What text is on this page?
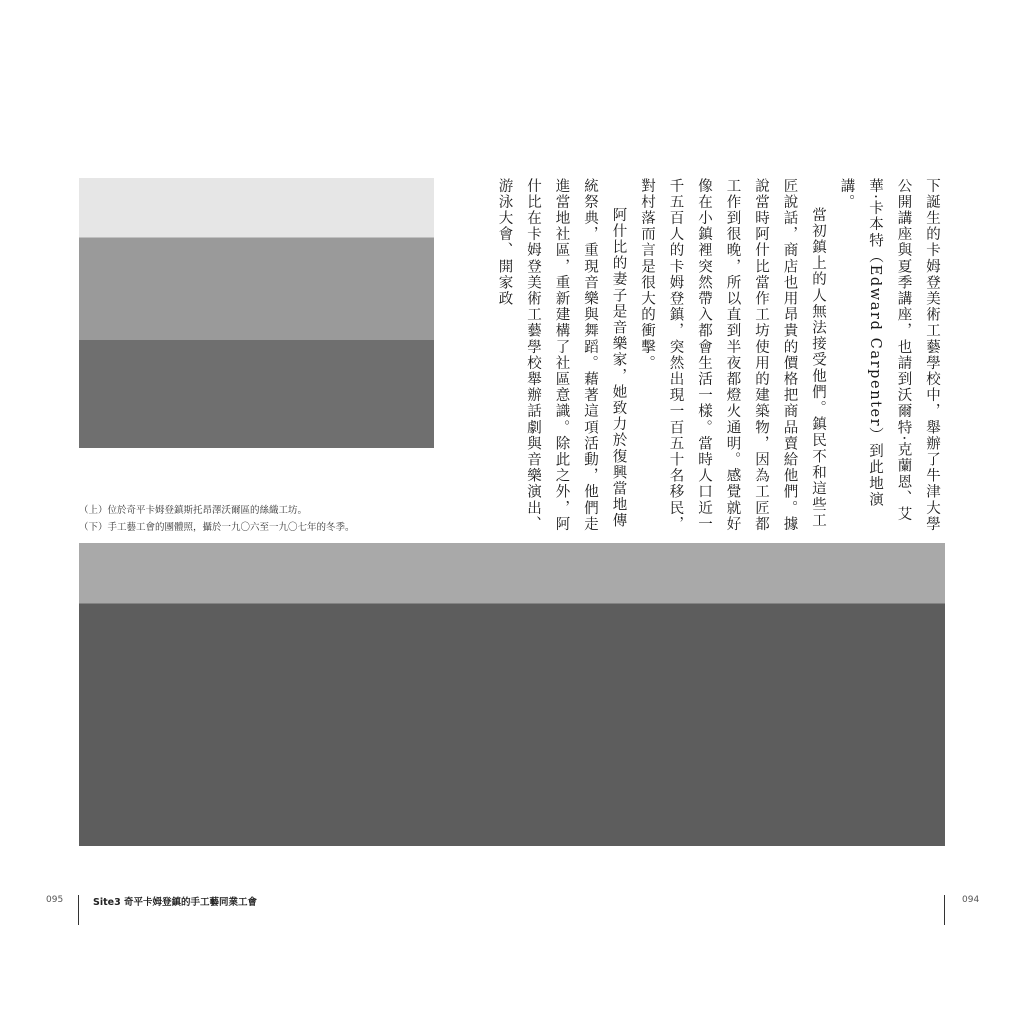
下誕生的卡姆登美術工藝學校中，舉辦了牛津大學公開講座與夏季講座，也請到沃爾特·克蘭恩、艾華·卡本特（Edward Carpenter）到此地演講。

當初鎮上的人無法接受他們。鎮民不和這些工匠說話，商店也用昂貴的價格把商品賣給他們。據說當時阿什比當作工坊使用的建築物，因為工匠都工作到很晚，所以直到半夜都燈火通明。感覺就好像在小鎮裡突然帶入都會生活一樣。當時人口近一千五百人的卡姆登鎮，突然出現一百五十名移民，對村落而言是很大的衝擊。

阿什比的妻子是音樂家，她致力於復興當地傳統祭典，重現音樂與舞蹈。藉著這項活動，他們走進當地社區，重新建構了社區意識。除此之外，阿什比在卡姆登美術工藝學校舉辦話劇與音樂演出、游泳大會、開家政

（上）位於奇平卡姆登鎮斯托昂澤沃爾區的絲織工坊。
（下）手工藝工會的團體照，攝於一九〇六至一九〇七年的冬季。
095	Site3 奇平卡姆登鎮的手工藝同業工會	094
